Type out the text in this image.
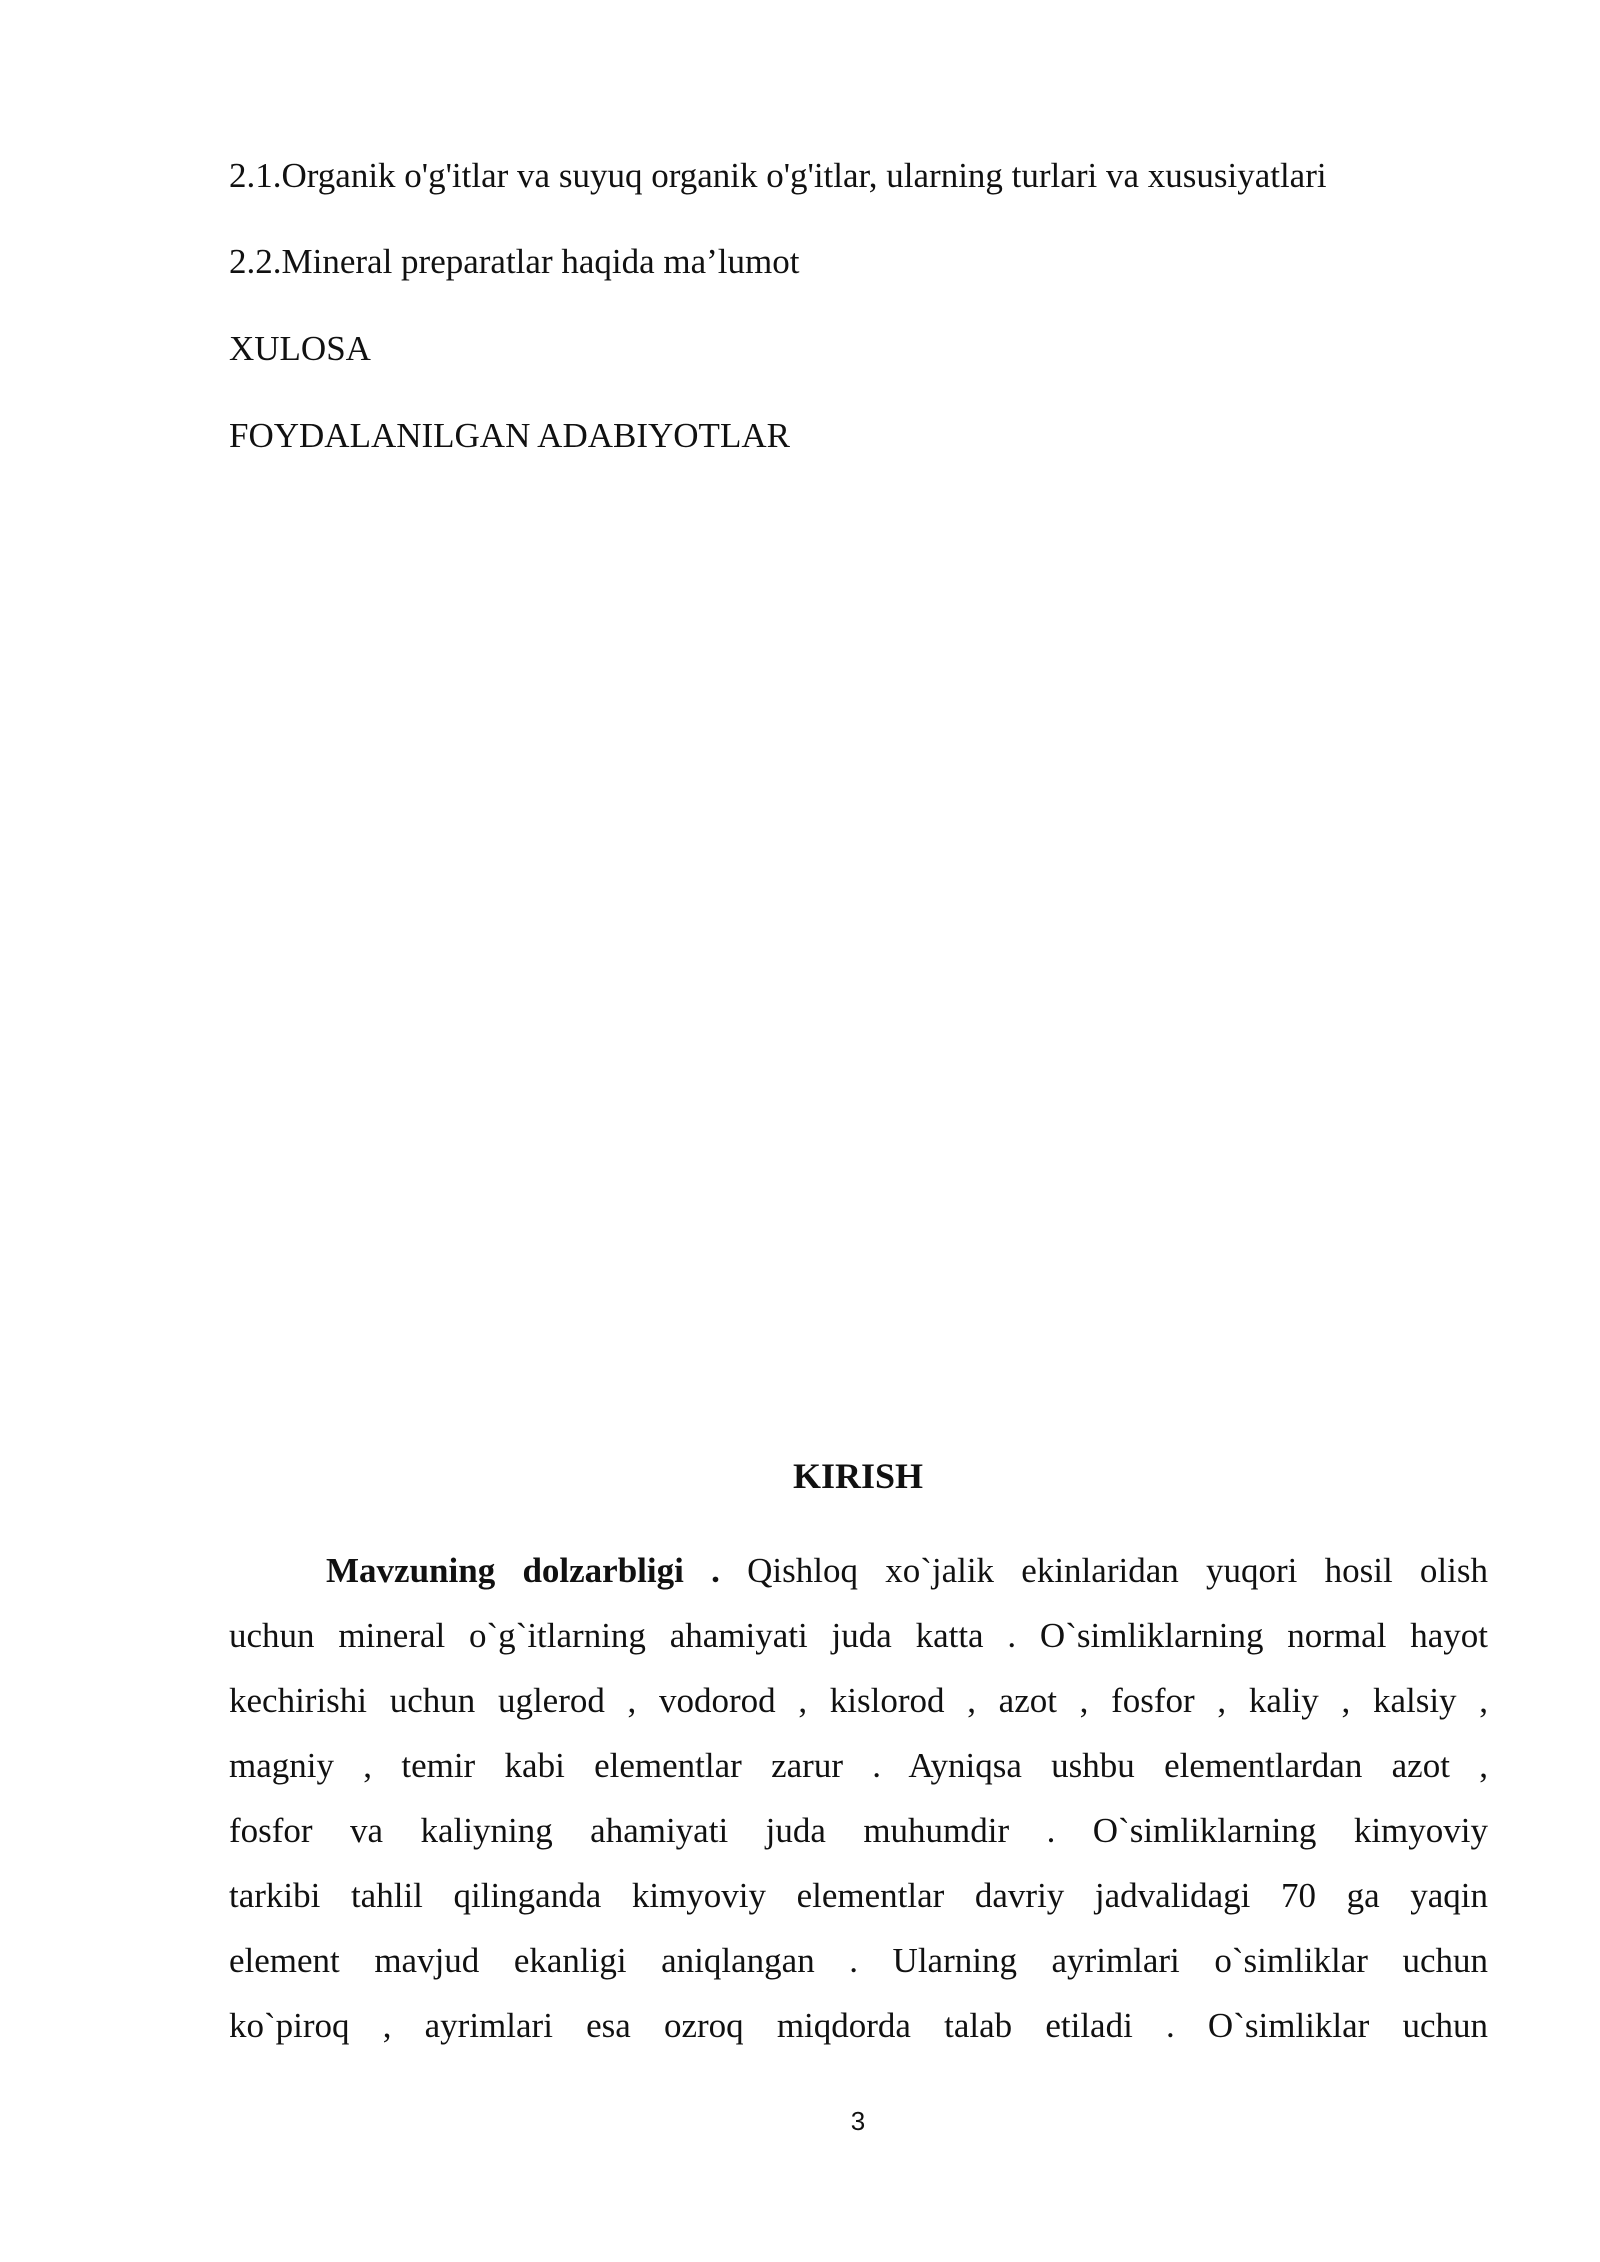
2.1.Organik o'g'itlar va suyuq organik o'g'itlar, ularning turlari va xususiyatlari
2.2.Mineral preparatlar haqida ma’lumot
XULOSA
FOYDALANILGAN ADABIYOTLAR
KIRISH
Mavzuning dolzarbligi . Qishloq xo`jalik ekinlaridan yuqori hosil olish
uchun mineral o`g`itlarning ahamiyati juda katta . O`simliklarning normal hayot
kechirishi uchun uglerod , vodorod , kislorod , azot , fosfor , kaliy , kalsiy ,
magniy , temir kabi elementlar zarur . Ayniqsa ushbu elementlardan azot ,
fosfor va kaliyning ahamiyati juda muhumdir . O`simliklarning kimyoviy
tarkibi tahlil qilinganda kimyoviy elementlar davriy jadvalidagi 70 ga yaqin
element mavjud ekanligi aniqlangan . Ularning ayrimlari o`simliklar uchun
ko`piroq , ayrimlari esa ozroq miqdorda talab etiladi . O`simliklar uchun
3
